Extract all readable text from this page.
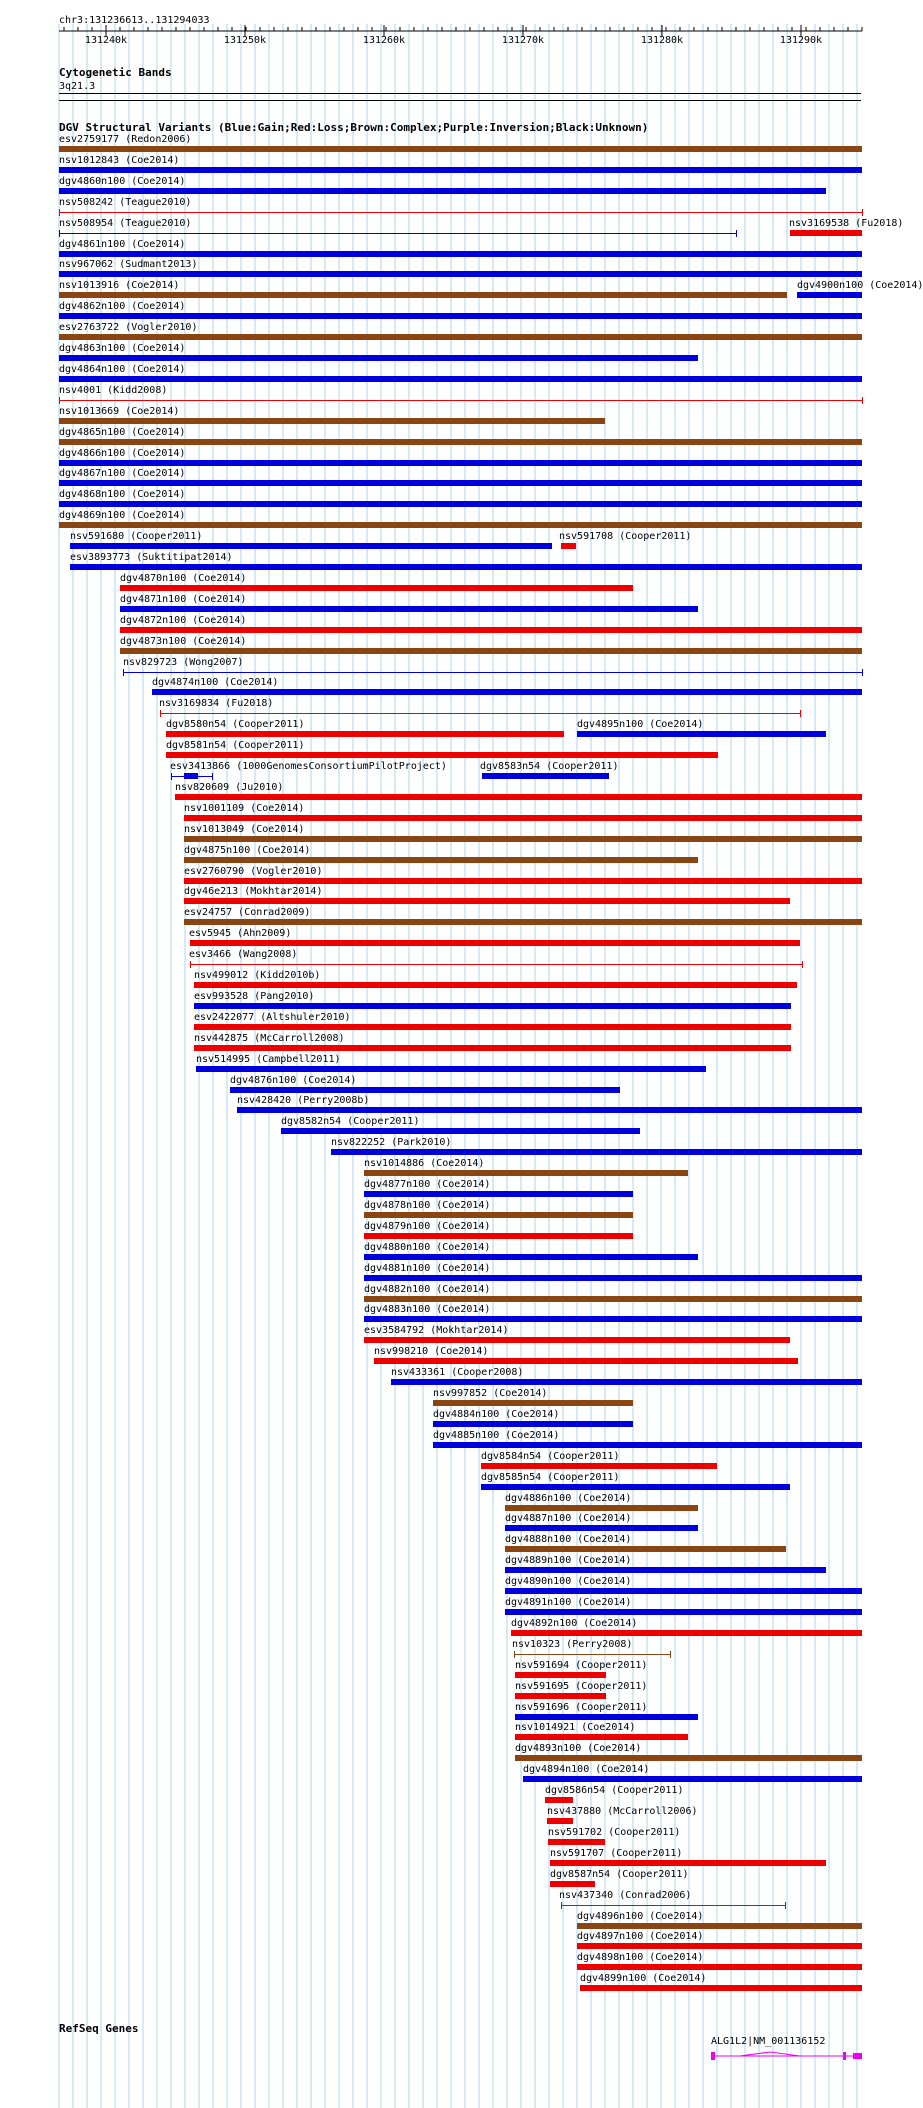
chr3:131236613..131294033
131240k	131250k	131260k	131270k	131280k	131290k
Cytogenetic Bands
3q21.3
DGV Structural Variants (Blue:Gain;Red:Loss;Brown:Complex;Purple:Inversion;Black:Unknown)
esv2759177 (Redon2006)
nsv1012843 (Coe2014)
dgv4860n100 (Coe2014)
nsv508242 (Teague2010)
nsv508954 (Teague2010)	nsv3169538 (Fu2018)
dgv4861n100 (Coe2014)
nsv967062 (Sudmant2013)
nsv1013916 (Coe2014)	dgv4900n100 (Coe2014)
dgv4862n100 (Coe2014)
esv2763722 (Vogler2010)
dgv4863n100 (Coe2014)
dgv4864n100 (Coe2014)
nsv4001 (Kidd2008)
nsv1013669 (Coe2014)
dgv4865n100 (Coe2014)
dgv4866n100 (Coe2014)
dgv4867n100 (Coe2014)
dgv4868n100 (Coe2014)
dgv4869n100 (Coe2014)
nsv591680 (Cooper2011)	nsv591708 (Cooper2011)
esv3893773 (Suktitipat2014)
dgv4870n100 (Coe2014)
dgv4871n100 (Coe2014)
dgv4872n100 (Coe2014)
dgv4873n100 (Coe2014)
nsv829723 (Wong2007)
dgv4874n100 (Coe2014)
nsv3169834 (Fu2018)
dgv8580n54 (Cooper2011)	dgv4895n100 (Coe2014)
dgv8581n54 (Cooper2011)
esv3413866 (1000GenomesConsortiumPilotProject)	dgv8583n54 (Cooper2011)
nsv820609 (Ju2010)
nsv1001109 (Coe2014)
nsv1013049 (Coe2014)
dgv4875n100 (Coe2014)
esv2760790 (Vogler2010)
dgv46e213 (Mokhtar2014)
esv24757 (Conrad2009)
esv5945 (Ahn2009)
esv3466 (Wang2008)
nsv499012 (Kidd2010b)
esv993528 (Pang2010)
esv2422077 (Altshuler2010)
nsv442875 (McCarroll2008)
nsv514995 (Campbell2011)
dgv4876n100 (Coe2014)
nsv428420 (Perry2008b)
dgv8582n54 (Cooper2011)
nsv822252 (Park2010)
nsv1014886 (Coe2014)
dgv4877n100 (Coe2014)
dgv4878n100 (Coe2014)
dgv4879n100 (Coe2014)
dgv4880n100 (Coe2014)
dgv4881n100 (Coe2014)
dgv4882n100 (Coe2014)
dgv4883n100 (Coe2014)
esv3584792 (Mokhtar2014)
nsv998210 (Coe2014)
nsv433361 (Cooper2008)
nsv997852 (Coe2014)
dgv4884n100 (Coe2014)
dgv4885n100 (Coe2014)
dgv8584n54 (Cooper2011)
dgv8585n54 (Cooper2011)
dgv4886n100 (Coe2014)
dgv4887n100 (Coe2014)
dgv4888n100 (Coe2014)
dgv4889n100 (Coe2014)
dgv4890n100 (Coe2014)
dgv4891n100 (Coe2014)
dgv4892n100 (Coe2014)
nsv10323 (Perry2008)
nsv591694 (Cooper2011)
nsv591695 (Cooper2011)
nsv591696 (Cooper2011)
nsv1014921 (Coe2014)
dgv4893n100 (Coe2014)
dgv4894n100 (Coe2014)
dgv8586n54 (Cooper2011)
nsv437880 (McCarroll2006)
nsv591702 (Cooper2011)
nsv591707 (Cooper2011)
dgv8587n54 (Cooper2011)
nsv437340 (Conrad2006)
dgv4896n100 (Coe2014)
dgv4897n100 (Coe2014)
dgv4898n100 (Coe2014)
dgv4899n100 (Coe2014)
RefSeq Genes
ALG1L2|NM_001136152
